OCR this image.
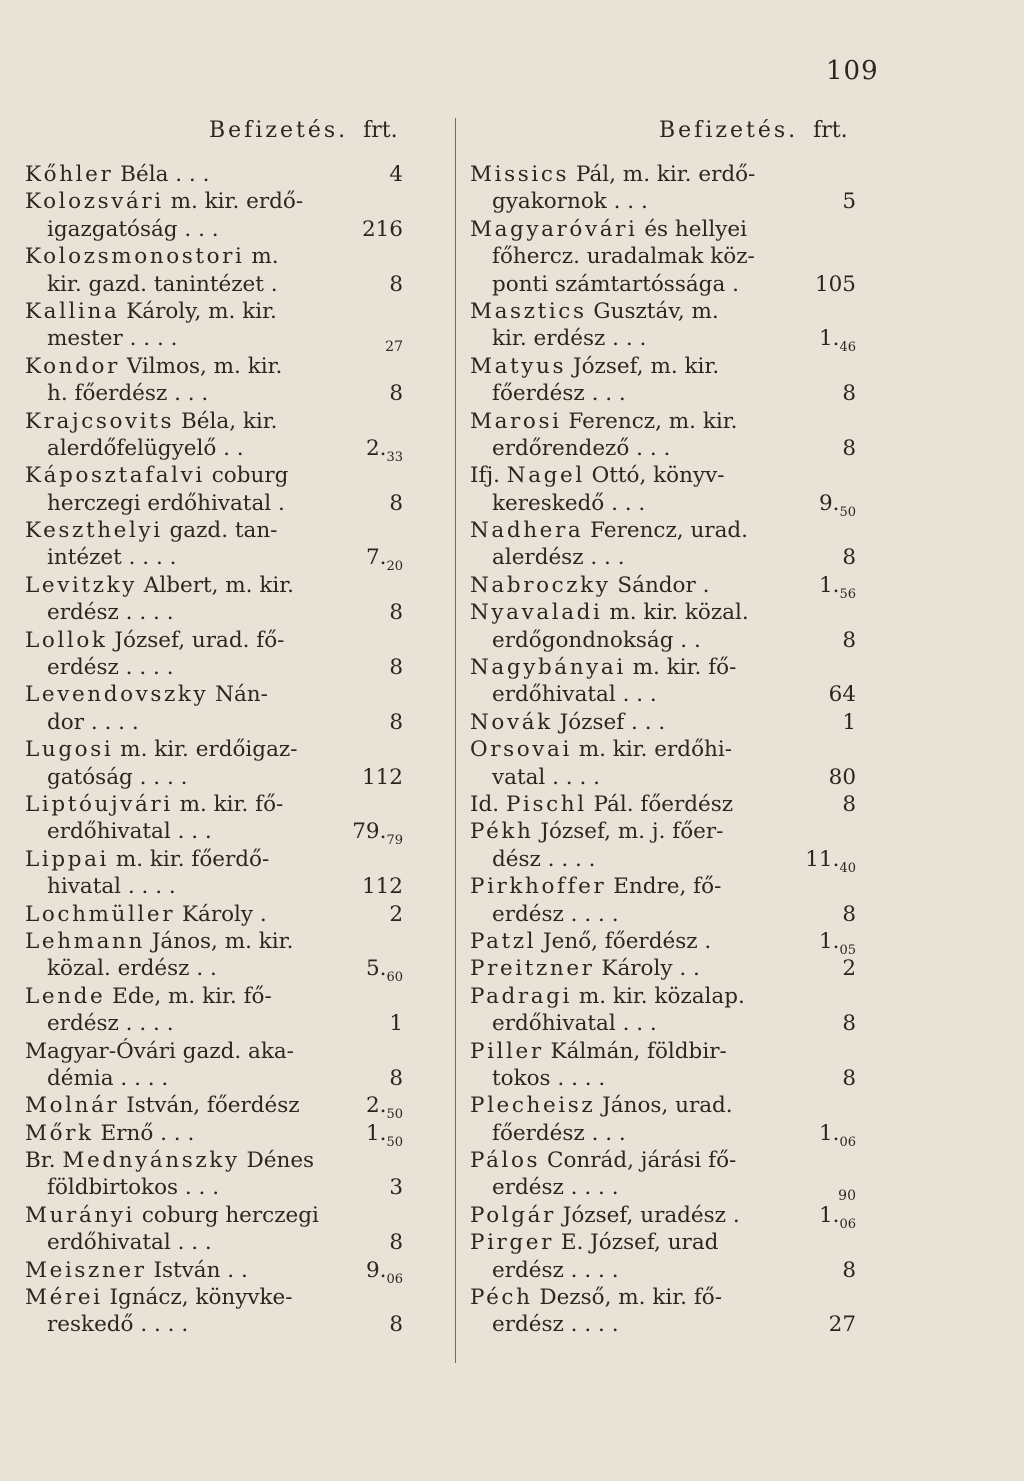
109
Befizetés. frt.	Befizetés. frt.
Kőhler Béla . . .	4
Kolozsvári m. kir. erdő-
igazgatóság . . .	216
Kolozsmonostori m.
kir. gazd. tanintézet .	8
Kallina Károly, m. kir.
mester . . . .	$_{27}$
Kondor Vilmos, m. kir.
h. főerdész . . .	8
Krajcsovits Béla, kir.
alerdőfelügyelő . .	$2._{33}$
Káposztafalvi coburg
herczegi erdőhivatal .	8
Keszthelyi gazd. tan-
intézet . . . .	$7._{20}$
Levitzky Albert, m. kir.
erdész . . . .	8
Lollok József, urad. fő-
erdész . . . .	8
Levendovszky Nán-
dor . . . .	8
Lugosi m. kir. erdőigaz-
gatóság . . . .	112
Liptóujvári m. kir. fő-
erdőhivatal . . .	$79._{79}$
Lippai m. kir. főerdő-
hivatal . . . .	112
Lochmüller Károly .	2
Lehmann János, m. kir.
közal. erdész . .	$5._{60}$
Lende Ede, m. kir. fő-
erdész . . . .	1
Magyar-Óvári gazd. aka-
démia . . . .	8
Molnár István, főerdész	$2._{50}$
Mőrk Ernő . . .	$1._{50}$
Br. Mednyánszky Dénes
földbirtokos . . .	3
Murányi coburg herczegi
erdőhivatal . . .	8
Meiszner István . .	$9._{06}$
Mérei Ignácz, könyvke-
reskedő . . . .	8
Missics Pál, m. kir. erdő-
gyakornok . . .	5
Magyaróvári és hellyei
főhercz. uradalmak köz-
ponti számtartóssága .	105
Masztics Gusztáv, m.
kir. erdész . . .	$1._{46}$
Matyus József, m. kir.
főerdész . . .	8
Marosi Ferencz, m. kir.
erdőrendező . . .	8
Ifj. Nagel Ottó, könyv-
kereskedő . . .	$9._{50}$
Nadhera Ferencz, urad.
alerdész . . .	8
Nabroczky Sándor .	$1._{56}$
Nyavaladi m. kir. közal.
erdőgondnokság . .	8
Nagybányai m. kir. fő-
erdőhivatal . . .	64
Novák József . . .	1
Orsovai m. kir. erdőhi-
vatal . . . .	80
Id. Pischl Pál. főerdész	8
Pékh József, m. j. főer-
dész . . . .	$11._{40}$
Pirkhoffer Endre, fő-
erdész . . . .	8
Patzl Jenő, főerdész .	$1._{05}$
Preitzner Károly . .	2
Padragi m. kir. közalap.
erdőhivatal . . .	8
Piller Kálmán, földbir-
tokos . . . .	8
Plecheisz János, urad.
főerdész . . .	$1._{06}$
Pálos Conrád, járási fő-
erdész . . . .	$_{90}$
Polgár József, uradész .	$1._{06}$
Pirger E. József, urad
erdész . . . .	8
Péch Dezső, m. kir. fő-
erdész . . . .	27
